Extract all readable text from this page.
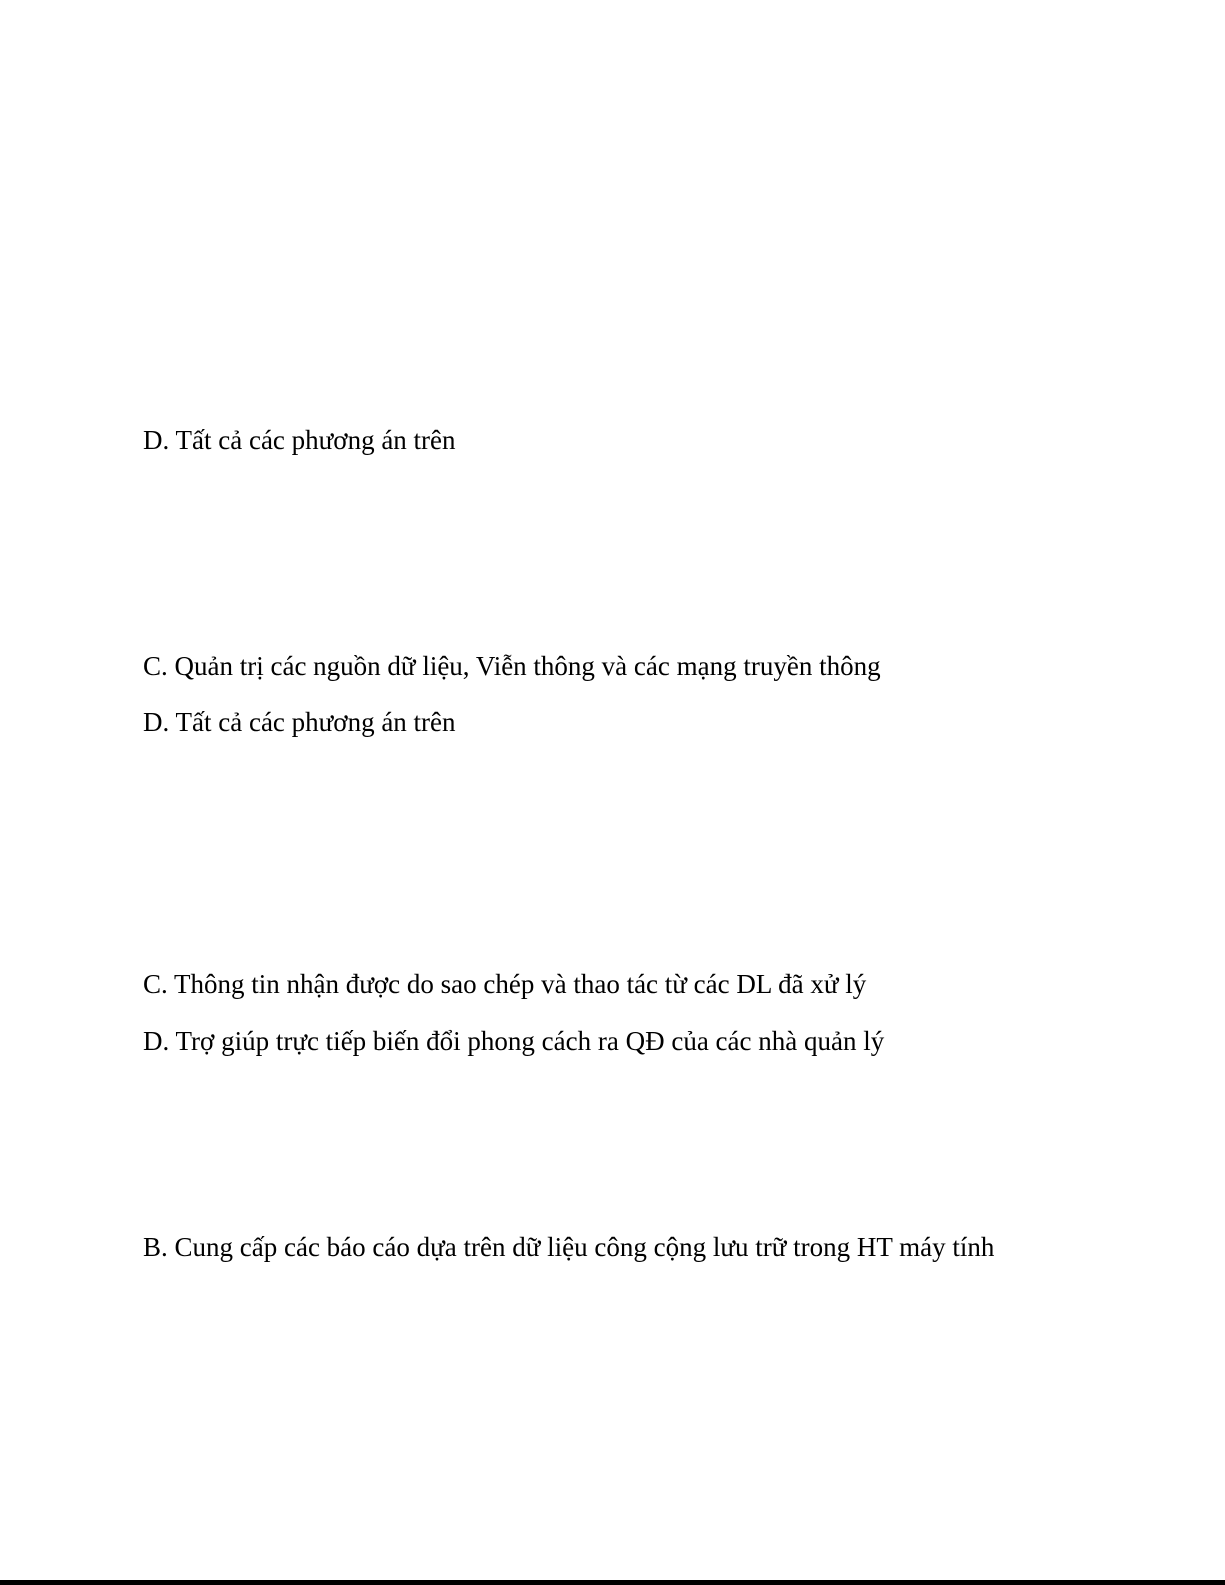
D. Tất cả các phương án trên
C. Quản trị các nguồn dữ liệu, Viễn thông và các mạng truyền thông
D. Tất cả các phương án trên
C. Thông tin nhận được do sao chép và thao tác từ các DL đã xử lý
D. Trợ giúp trực tiếp biến đổi phong cách ra QĐ của các nhà quản lý
B. Cung cấp các báo cáo dựa trên dữ liệu công cộng lưu trữ trong HT máy tính
